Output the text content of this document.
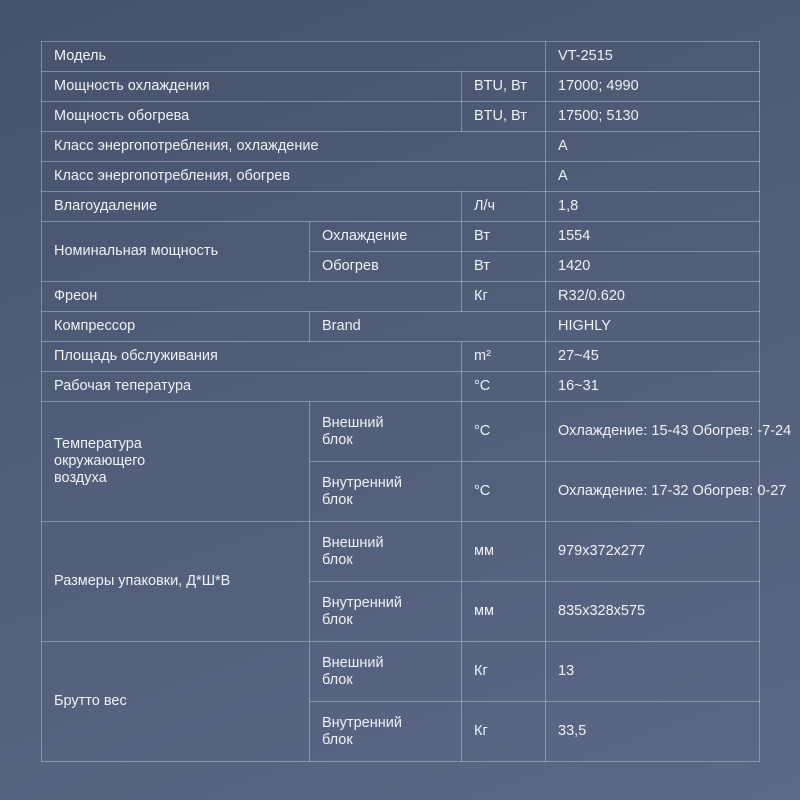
Модель			VT-2515
Мощность охлаждения		BTU, Вт	17000; 4990
Мощность обогрева		BTU, Вт	17500; 5130
Класс энергопотребления, охлаждение			A
Класс энергопотребления, обогрев			A
Влагоудаление		Л/ч	1,8
Номинальная мощность	Охлаждение	Вт	1554
	Обогрев	Вт	1420
Фреон		Кг	R32/0.620
Компрессор	Brand		HIGHLY
Площадь обслуживания		m²	27~45
Рабочая тепература		°C	16~31
Температура окружающего воздуха	Внешний блок	°C	Охлаждение: 15-43 Обогрев: -7-24
	Внутренний блок	°C	Охлаждение: 17-32 Обогрев: 0-27
Размеры упаковки, Д*Ш*В	Внешний блок	мм	979x372x277
	Внутренний блок	мм	835x328x575
Брутто вес	Внешний блок	Кг	13
	Внутренний блок	Кг	33,5
